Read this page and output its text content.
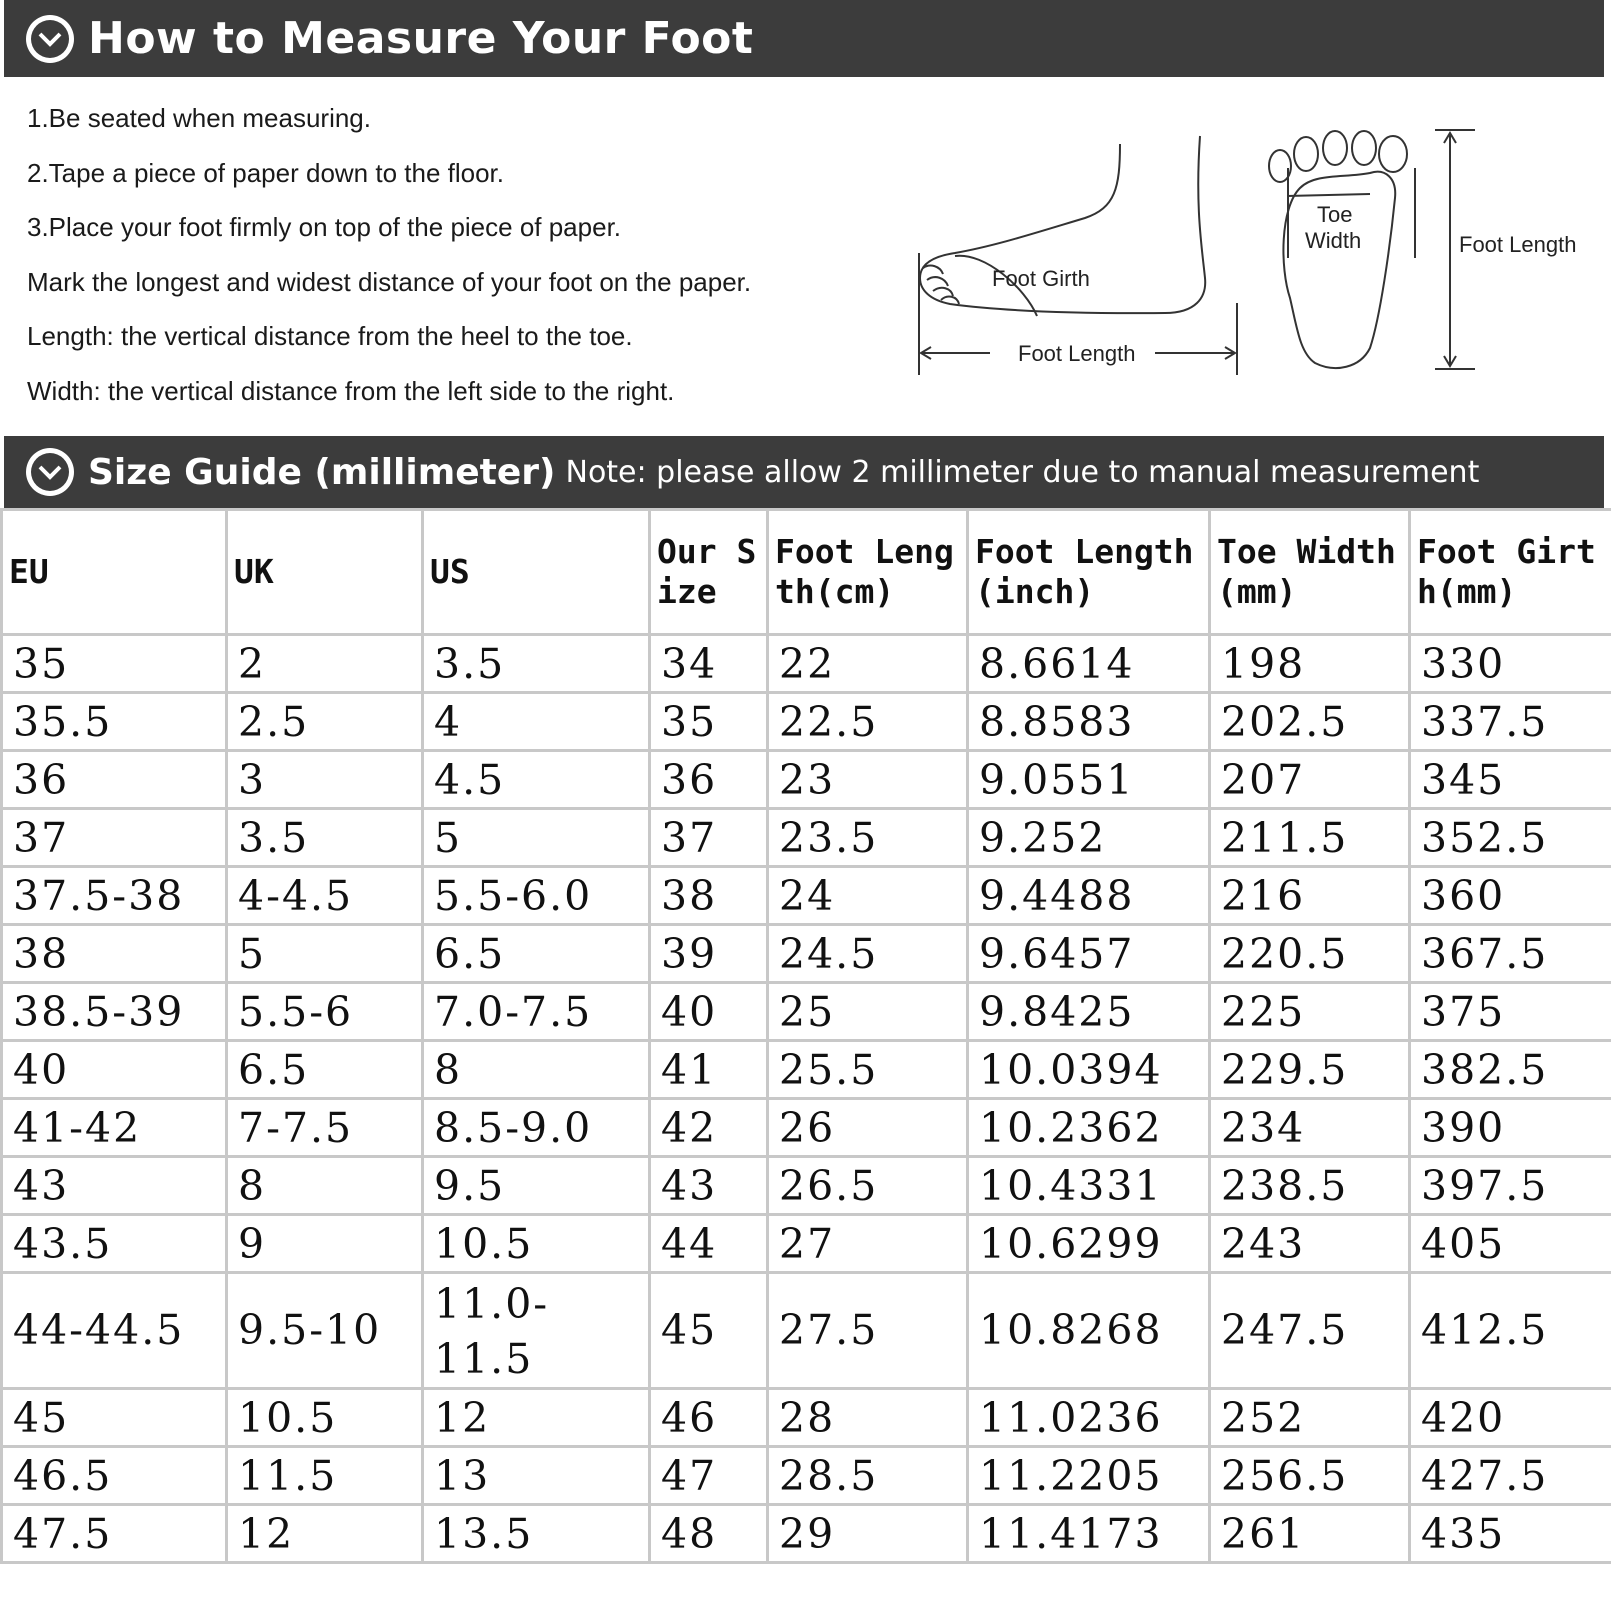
How to Measure Your Foot
1.Be seated when measuring.
2.Tape a piece of paper down to the floor.
3.Place your foot firmly on top of the piece of paper.
Mark the longest and widest distance of your foot on the paper.
Length: the vertical distance from the heel to the toe.
Width: the vertical distance from the left side to the right.
Foot Girth
Foot Length
Toe
Width	Foot Length
Size Guide (millimeter) Note: please allow 2 millimeter due to manual measurement
EU	UK	US	Our Size	Foot Length(cm)	Foot Length(inch)	Toe Width(mm)	Foot Girth(mm)
35	2	3.5	34	22	8.6614	198	330
35.5	2.5	4	35	22.5	8.8583	202.5	337.5
36	3	4.5	36	23	9.0551	207	345
37	3.5	5	37	23.5	9.252	211.5	352.5
37.5-38	4-4.5	5.5-6.0	38	24	9.4488	216	360
38	5	6.5	39	24.5	9.6457	220.5	367.5
38.5-39	5.5-6	7.0-7.5	40	25	9.8425	225	375
40	6.5	8	41	25.5	10.0394	229.5	382.5
41-42	7-7.5	8.5-9.0	42	26	10.2362	234	390
43	8	9.5	43	26.5	10.4331	238.5	397.5
43.5	9	10.5	44	27	10.6299	243	405
44-44.5	9.5-10	11.0-​11.5	45	27.5	10.8268	247.5	412.5
45	10.5	12	46	28	11.0236	252	420
46.5	11.5	13	47	28.5	11.2205	256.5	427.5
47.5	12	13.5	48	29	11.4173	261	435
